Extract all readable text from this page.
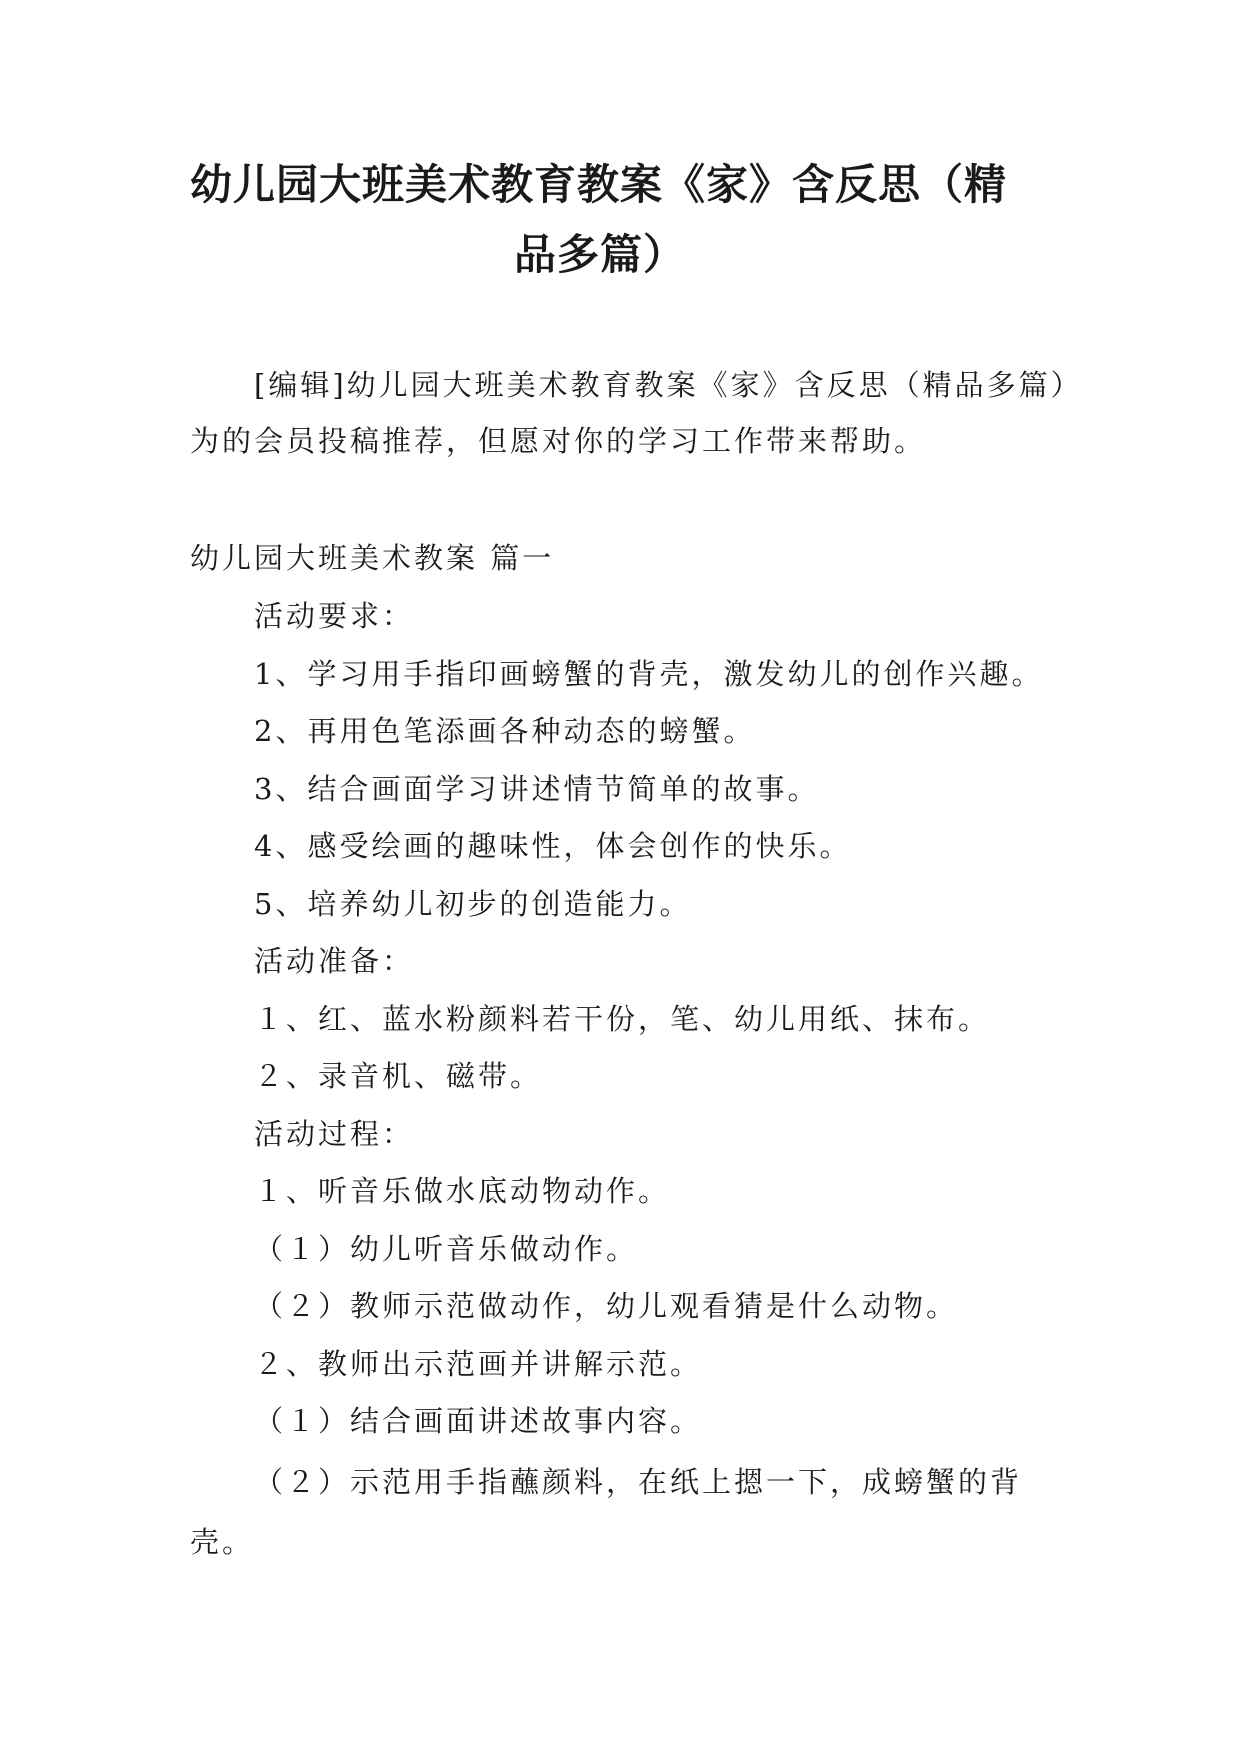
幼儿园大班美术教育教案《家》含反思（精
品多篇）
[编辑]幼儿园大班美术教育教案《家》含反思（精品多篇）为的会员投稿推荐，但愿对你的学习工作带来帮助。
幼儿园大班美术教案 篇一
活动要求：
1、学习用手指印画螃蟹的背壳，激发幼儿的创作兴趣。
2、再用色笔添画各种动态的螃蟹。
3、结合画面学习讲述情节简单的故事。
4、感受绘画的趣味性，体会创作的快乐。
5、培养幼儿初步的创造能力。
活动准备：
１、红、蓝水粉颜料若干份，笔、幼儿用纸、抹布。
２、录音机、磁带。
活动过程：
１、听音乐做水底动物动作。
（１）幼儿听音乐做动作。
（２）教师示范做动作，幼儿观看猜是什么动物。
２、教师出示范画并讲解示范。
（１）结合画面讲述故事内容。
（２）示范用手指蘸颜料，在纸上摁一下，成螃蟹的背壳。
